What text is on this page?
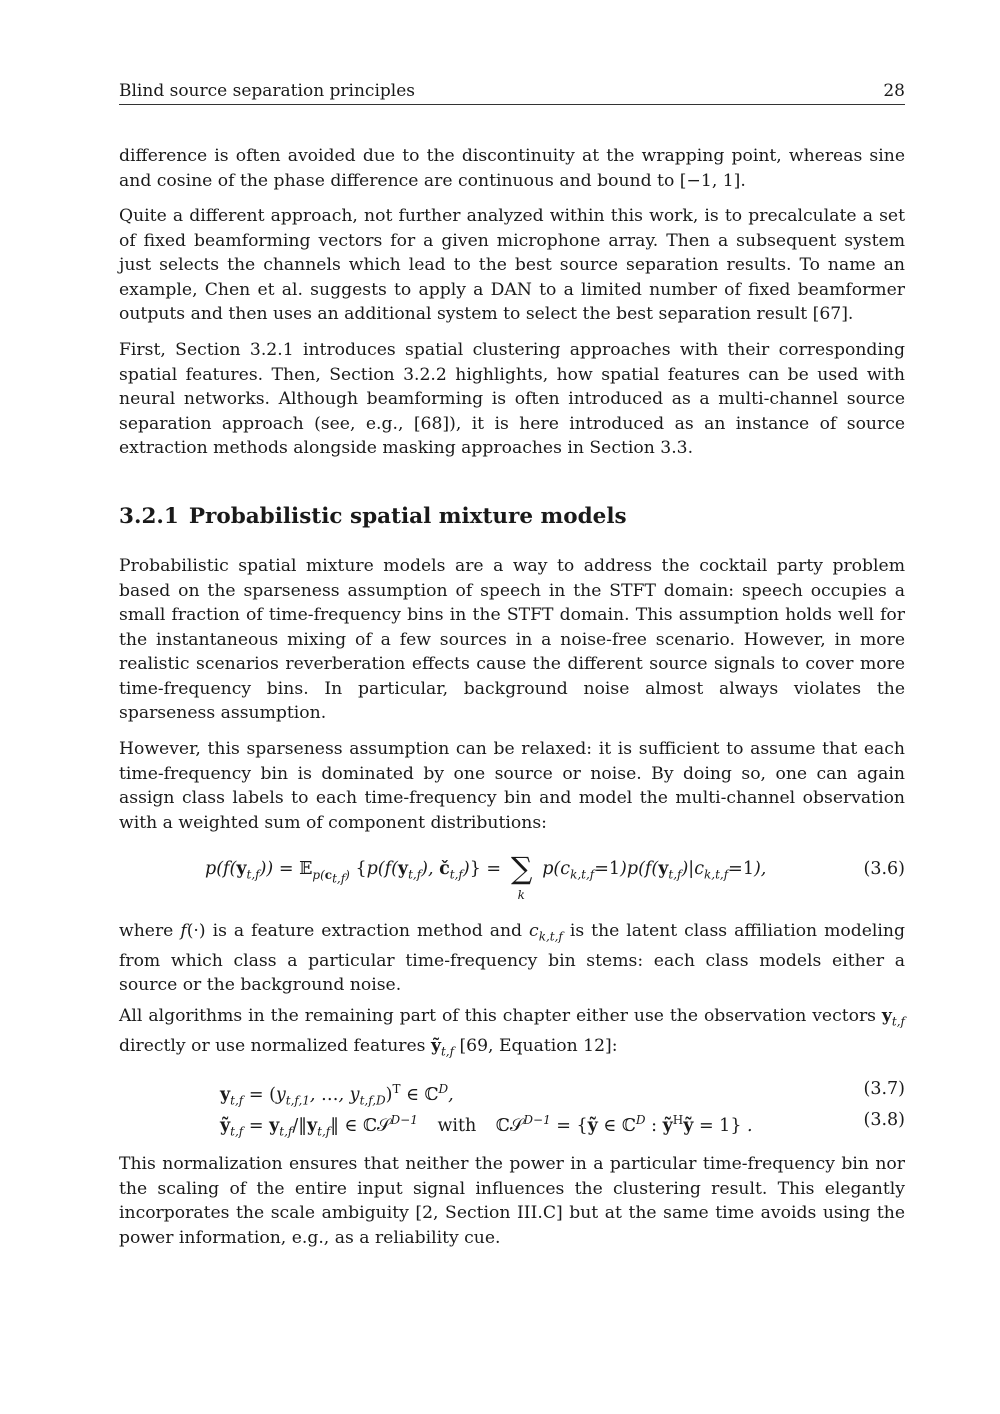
Blind source separation principles	28

difference is often avoided due to the discontinuity at the wrapping point, whereas sine and cosine of the phase difference are continuous and bound to [−1, 1].

Quite a different approach, not further analyzed within this work, is to precalculate a set of fixed beamforming vectors for a given microphone array. Then a subsequent system just selects the channels which lead to the best source separation results. To name an example, Chen et al. suggests to apply a DAN to a limited number of fixed beamformer outputs and then uses an additional system to select the best separation result [67].

First, Section 3.2.1 introduces spatial clustering approaches with their corresponding spatial features. Then, Section 3.2.2 highlights, how spatial features can be used with neural networks. Although beamforming is often introduced as a multi-channel source separation approach (see, e.g., [68]), it is here introduced as an instance of source extraction methods alongside masking approaches in Section 3.3.

3.2.1 Probabilistic spatial mixture models

Probabilistic spatial mixture models are a way to address the cocktail party problem based on the sparseness assumption of speech in the STFT domain: speech occupies a small fraction of time-frequency bins in the STFT domain. This assumption holds well for the instantaneous mixing of a few sources in a noise-free scenario. However, in more realistic scenarios reverberation effects cause the different source signals to cover more time-frequency bins. In particular, background noise almost always violates the sparseness assumption.

However, this sparseness assumption can be relaxed: it is sufficient to assume that each time-frequency bin is dominated by one source or noise. By doing so, one can again assign class labels to each time-frequency bin and model the multi-channel observation with a weighted sum of component distributions:

$p(f(y_{t,f}))$ = 𝔼$_{p(c_{t,f})}$ {$p(f(y_{t,f})$, $č_{t,f}$)} = ∑
k
$p(c_{k,t,f}=1)p(f(y_{t,f})|c_{k,t,f}=1)$,	(3.6)

where f(·) is a feature extraction method and $c_{k,t,f}$ is the latent class affiliation modeling from which class a particular time-frequency bin stems: each class models either a source or the background noise.

All algorithms in the remaining part of this chapter either use the observation vectors $y_{t,f}$ directly or use normalized features ỹ$_{t,f}$ [69, Equation 12]:

$y_{t,f} = (y_{t,f,1}$, …, $y_{t,f,D})^T$ ∈ ℂ$^D$,	(3.7)
ỹ$_{t,f}$ = $y_{t,f}/‖y_{t,f}‖$ ∈ ℂ𝒮$^{D-1}$ with ℂ𝒮$^{D-1}$ = {ỹ ∈ ℂ$^D$ : ỹ$^H$ỹ = 1} .	(3.8)

This normalization ensures that neither the power in a particular time-frequency bin nor the scaling of the entire input signal influences the clustering result. This elegantly incorporates the scale ambiguity [2, Section III.C] but at the same time avoids using the power information, e.g., as a reliability cue.
